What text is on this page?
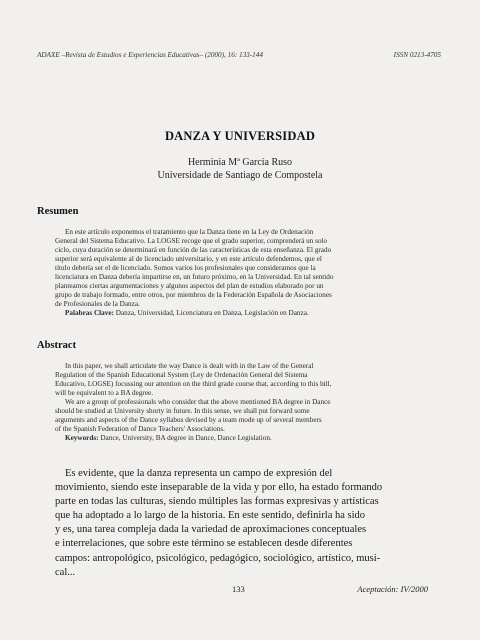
ADAXE –Revista de Estudios e Experiencias Educativas– (2000), 16: 133-144	ISSN 0213-4705
DANZA Y UNIVERSIDAD
Herminia Mª García Ruso
Universidade de Santiago de Compostela
Resumen
En este artículo exponemos el tratamiento que la Danza tiene en la Ley de Ordenación
General del Sistema Educativo. La LOGSE recoge que el grado superior, comprenderá un solo
ciclo, cuya duración se determinará en función de las características de esta enseñanza. El grado
superior será equivalente al de licenciado universitario, y en este artículo defendemos, que el
título debería ser el de licenciado. Somos varios los profesionales que consideramos que la
licenciatura en Danza debería impartirse en, un futuro próximo, en la Universidad. En tal sentido
planteamos ciertas argumentaciones y algunos aspectos del plan de estudios elaborado por un
grupo de trabajo formado, entre otros, por miembros de la Federación Española de Asociaciones
de Profesionales de la Danza.
Palabras Clave: Danza, Universidad, Licenciatura en Danza, Legislación en Danza.
Abstract
In this paper, we shall articulate the way Dance is dealt with in the Law of the General
Regulation of the Spanish Educational System (Ley de Ordenación General del Sistema
Educativo, LOGSE) focussing our attention on the third grade course that, according to this bill,
will be equivalent to a BA degree.
We are a group of professionals who consider that the above mentioned BA degree in Dance
should be studied at University shorty in future. In this sense, we shall put forward some
arguments and aspects of the Dance syllabus devised by a team mode up of several members
of the Spanish Federation of Dance Teachers' Associations.
Keywords: Dance, University, BA degree in Dance, Dance Legislation.
Es evidente, que la danza representa un campo de expresión del
movimiento, siendo este inseparable de la vida y por ello, ha estado formando
parte en todas las culturas, siendo múltiples las formas expresivas y artísticas
que ha adoptado a lo largo de la historia. En este sentido, definirla ha sido
y es, una tarea compleja dada la variedad de aproximaciones conceptuales
e interrelaciones, que sobre este término se establecen desde diferentes
campos: antropológico, psicológico, pedagógico, sociológico, artístico, musi-
cal...
133	Aceptación: IV/2000
